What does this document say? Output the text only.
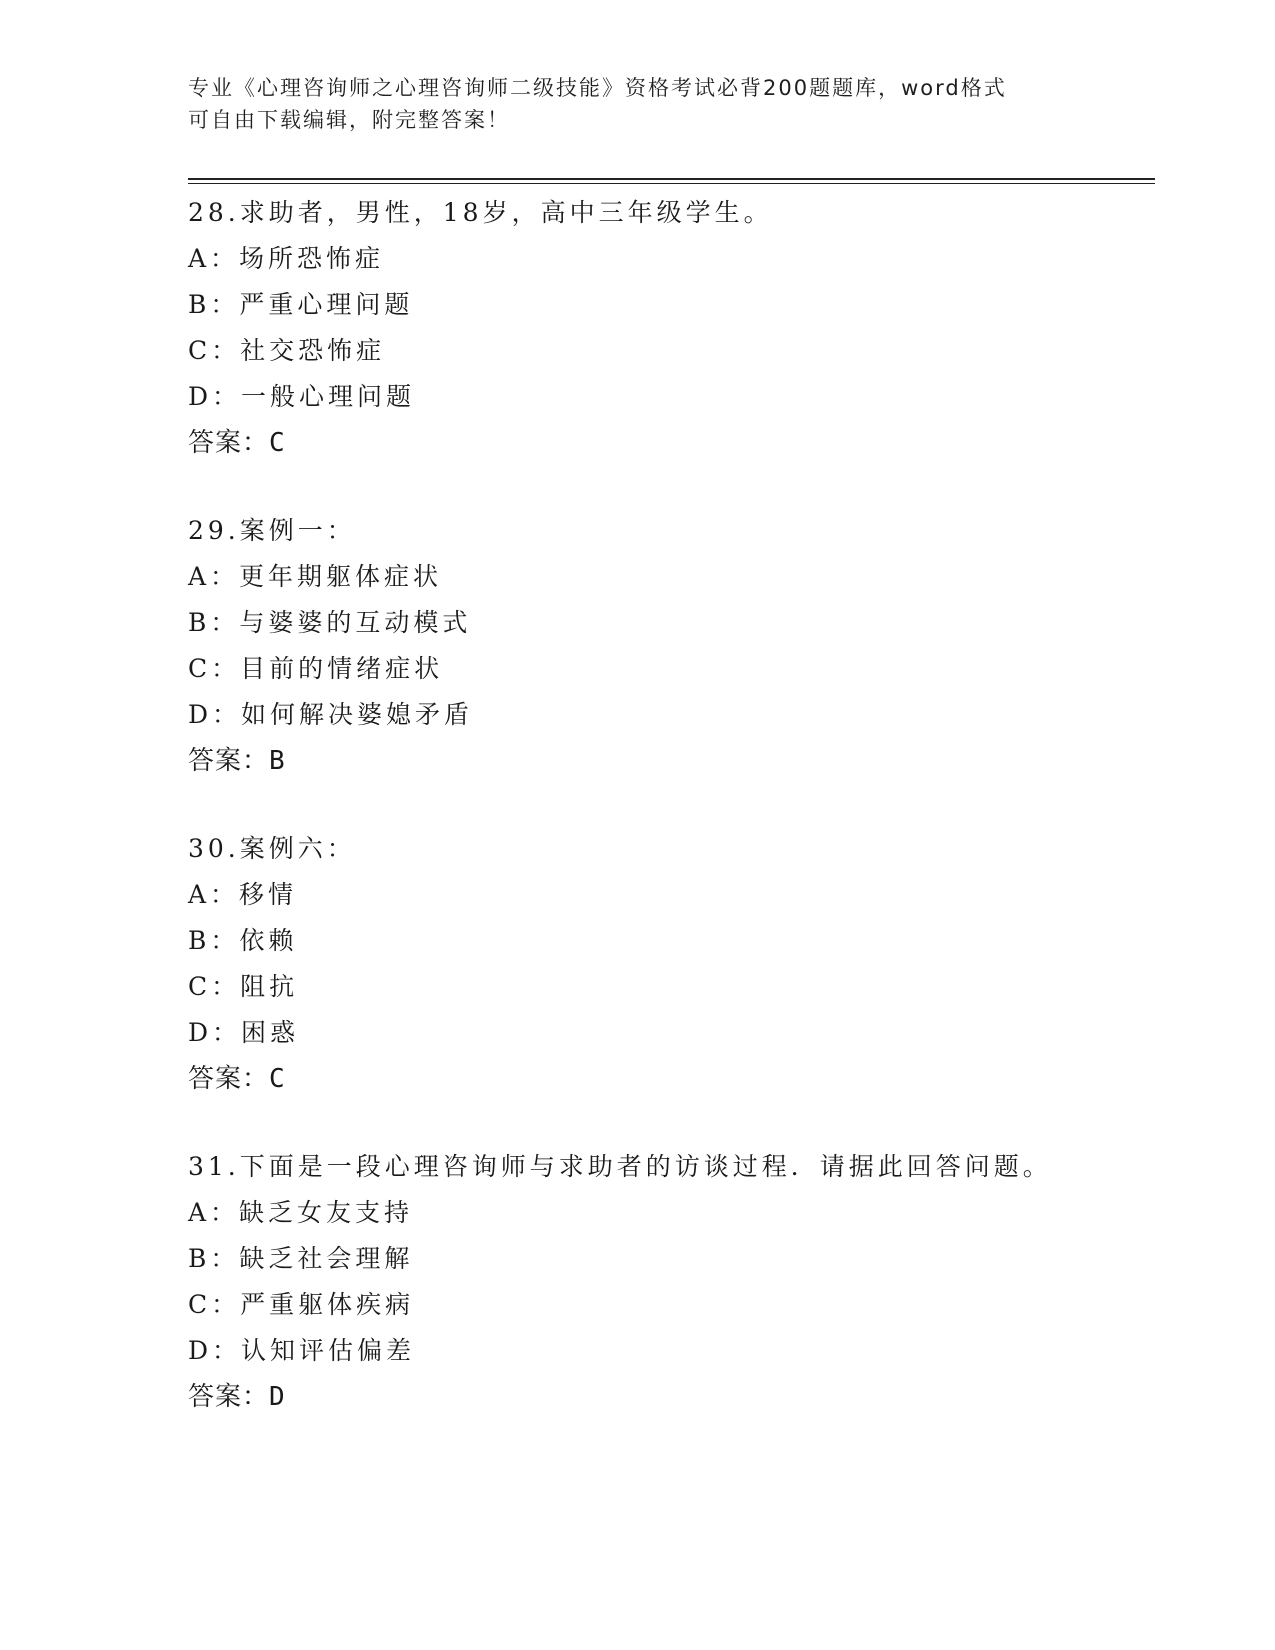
专业《心理咨询师之心理咨询师二级技能》资格考试必背200题题库，word格式
可自由下载编辑，附完整答案！
28.求助者，男性，18岁，高中三年级学生。
A：场所恐怖症
B：严重心理问题
C：社交恐怖症
D：一般心理问题
答案：C
29.案例一：
A：更年期躯体症状
B：与婆婆的互动模式
C：目前的情绪症状
D：如何解决婆媳矛盾
答案：B
30.案例六：
A：移情
B：依赖
C：阻抗
D：困惑
答案：C
31.下面是一段心理咨询师与求助者的访谈过程．请据此回答问题。
A：缺乏女友支持
B：缺乏社会理解
C：严重躯体疾病
D：认知评估偏差
答案：D
